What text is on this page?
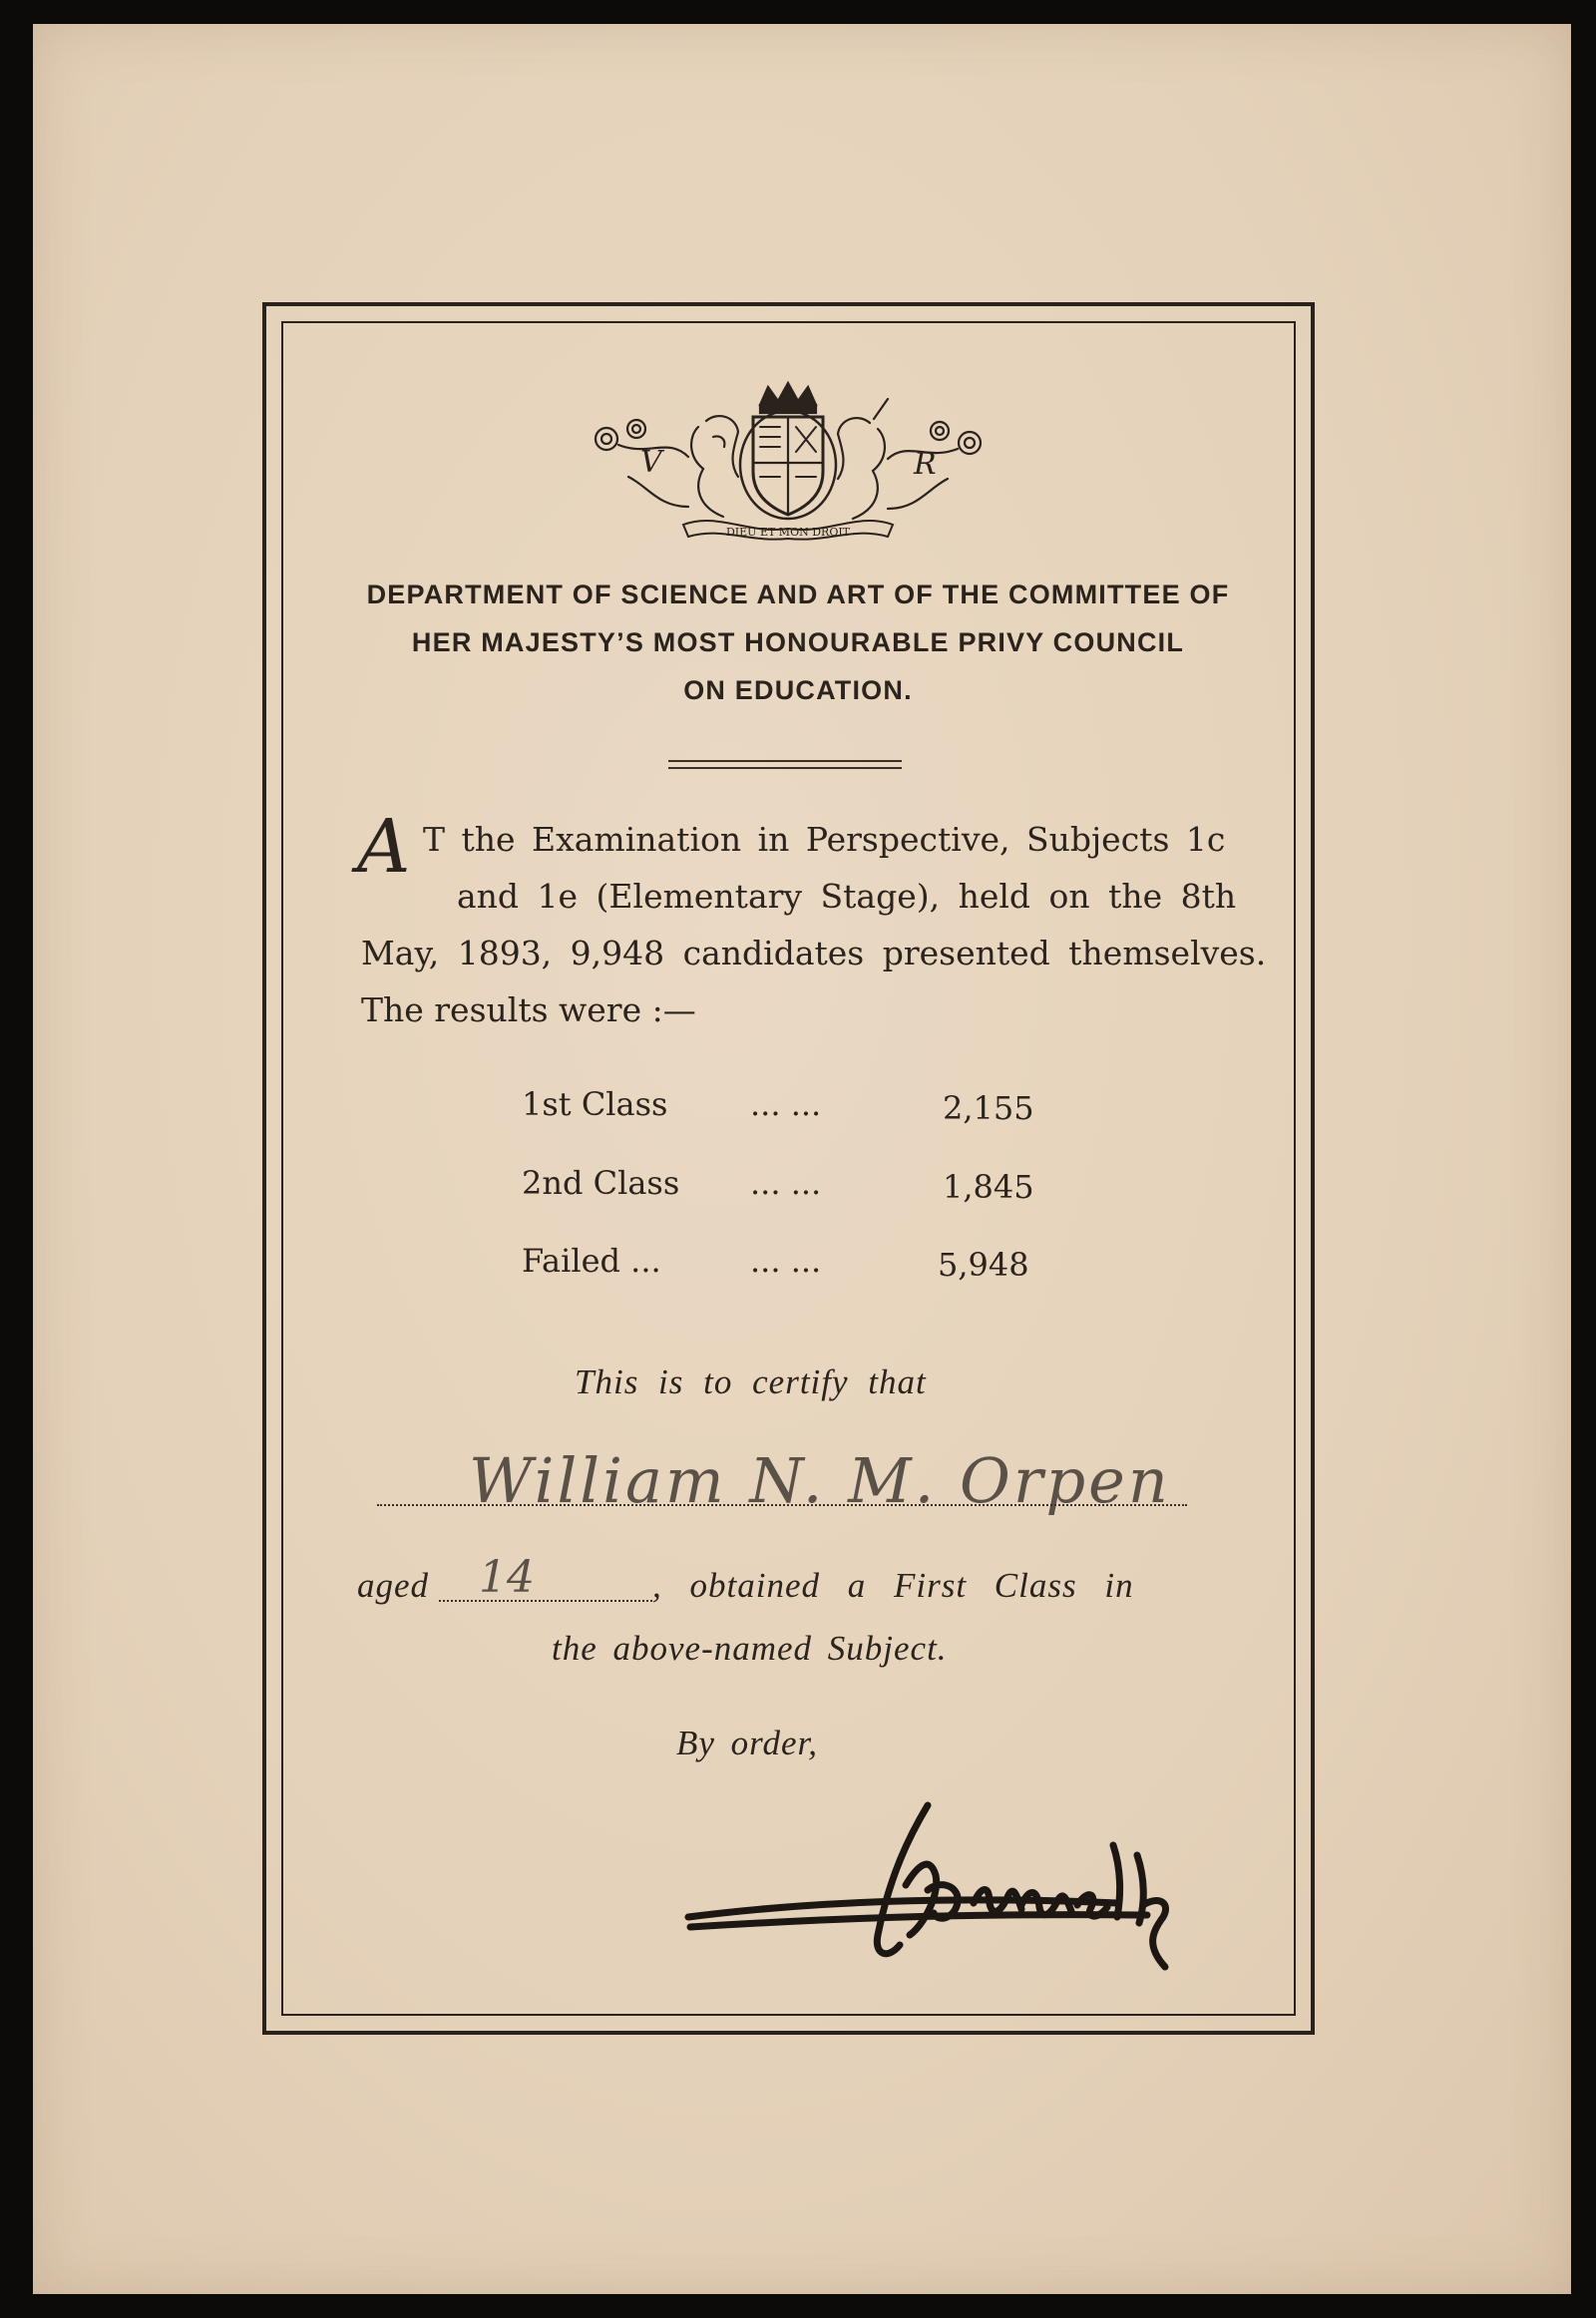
DIEU ET MON DROIT
V	R
DEPARTMENT OF SCIENCE AND ART OF THE COMMITTEE OF
HER MAJESTY’S MOST HONOURABLE PRIVY COUNCIL
ON EDUCATION.
A T the Examination in Perspective, Subjects 1c
and 1e (Elementary Stage), held on the 8th
May, 1893, 9,948 candidates presented themselves.
The results were :—
1st Class	... ...	2,155
2nd Class ... ...	1,845
Failed ...	... ...	5,948
This is to certify that
William N. M. Orpen
aged 14	, obtained a First Class in
the above-named Subject.
By order,
